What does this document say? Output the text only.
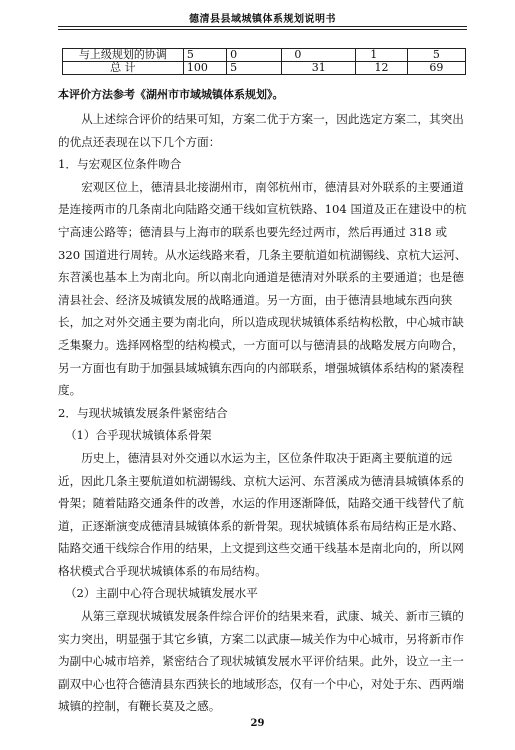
德清县县域城镇体系规划说明书
与上级规划的协调	5	0	0	1	5
总 计	100	5	31	12	69
本评价方法参考《湖州市市域城镇体系规划》。

从上述综合评价的结果可知，方案二优于方案一，因此选定方案二，其突出的优点还表现在以下几个方面：

1．与宏观区位条件吻合

宏观区位上，德清县北接湖州市，南邻杭州市，德清县对外联系的主要通道是连接两市的几条南北向陆路交通干线如宣杭铁路、104 国道及正在建设中的杭宁高速公路等；德清县与上海市的联系也要先经过两市，然后再通过 318 或 320 国道进行周转。从水运线路来看，几条主要航道如杭湖锡线、京杭大运河、东苕溪也基本上为南北向。所以南北向通道是德清对外联系的主要通道；也是德清县社会、经济及城镇发展的战略通道。另一方面，由于德清县地域东西向狭长，加之对外交通主要为南北向，所以造成现状城镇体系结构松散，中心城市缺乏集聚力。选择网格型的结构模式，一方面可以与德清县的战略发展方向吻合，另一方面也有助于加强县域城镇东西向的内部联系，增强城镇体系结构的紧凑程度。

2．与现状城镇发展条件紧密结合

（1）合乎现状城镇体系骨架

历史上，德清县对外交通以水运为主，区位条件取决于距离主要航道的远近，因此几条主要航道如杭湖锡线、京杭大运河、东苕溪成为德清县城镇体系的骨架；随着陆路交通条件的改善，水运的作用逐渐降低，陆路交通干线替代了航道，正逐渐演变成德清县城镇体系的新骨架。现状城镇体系布局结构正是水路、陆路交通干线综合作用的结果，上文提到这些交通干线基本是南北向的，所以网格状模式合乎现状城镇体系的布局结构。

（2）主副中心符合现状城镇发展水平

从第三章现状城镇发展条件综合评价的结果来看，武康、城关、新市三镇的实力突出，明显强于其它乡镇，方案二以武康—城关作为中心城市，另将新市作为副中心城市培养，紧密结合了现状城镇发展水平评价结果。此外，设立一主一副双中心也符合德清县东西狭长的地域形态，仅有一个中心，对处于东、西两端城镇的控制，有鞭长莫及之感。

29
